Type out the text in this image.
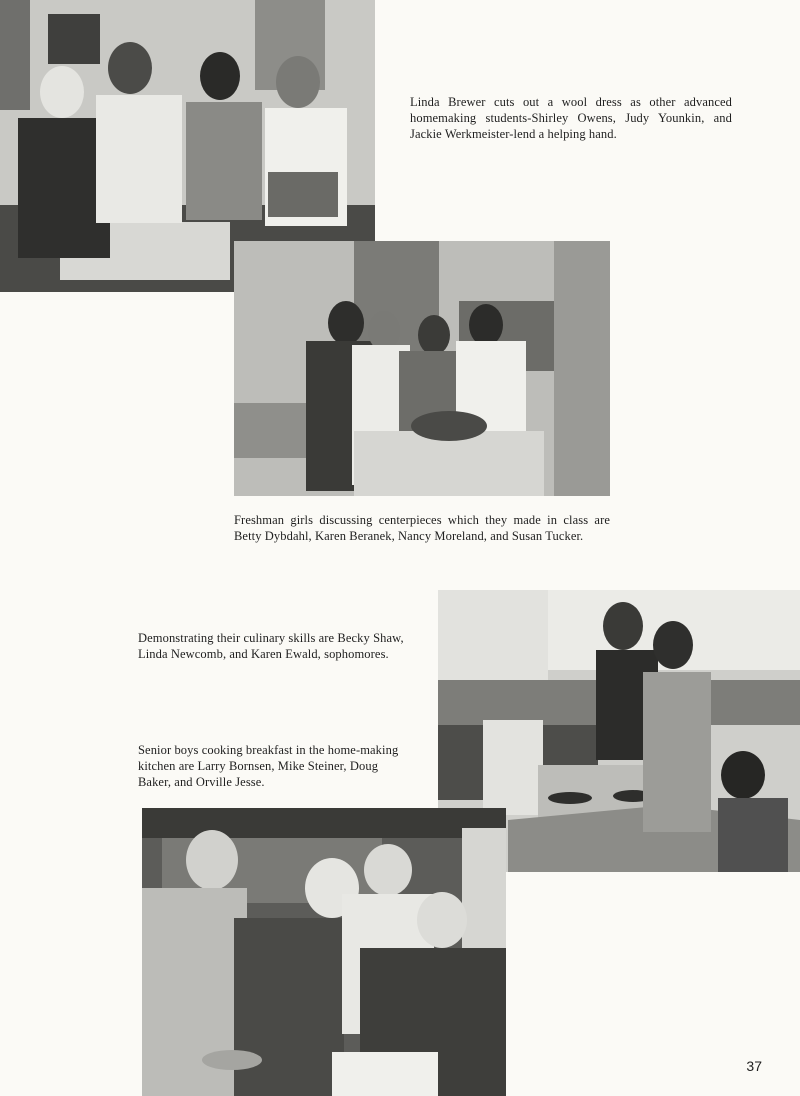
Linda Brewer cuts out a wool dress as other advanced homemaking students-Shirley Owens, Judy Younkin, and Jackie Werkmeister-lend a helping hand.

Freshman girls discussing centerpieces which they made in class are Betty Dybdahl, Karen Beranek, Nancy Moreland, and Susan Tucker.

Demonstrating their culinary skills are Becky Shaw, Linda Newcomb, and Karen Ewald, sophomores.

Senior boys cooking breakfast in the home-making kitchen are Larry Bornsen, Mike Steiner, Doug Baker, and Orville Jesse.

37
